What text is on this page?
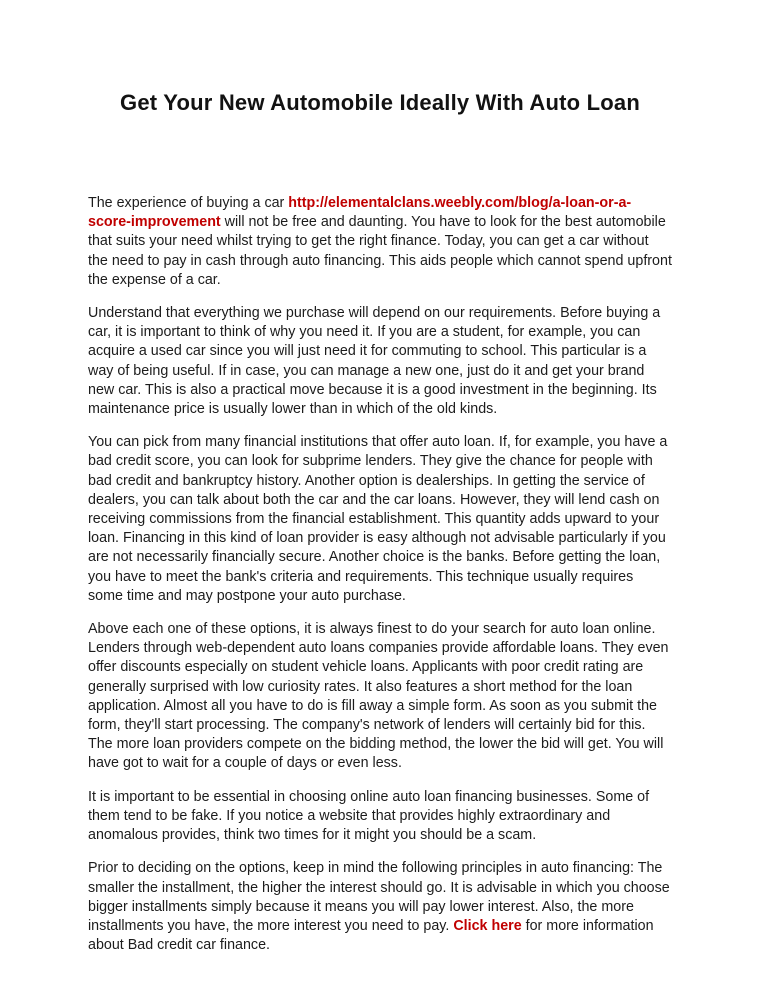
Get Your New Automobile Ideally With Auto Loan

The experience of buying a car http://elementalclans.weebly.com/blog/a-loan-or-a-score-improvement will not be free and daunting. You have to look for the best automobile that suits your need whilst trying to get the right finance. Today, you can get a car without the need to pay in cash through auto financing. This aids people which cannot spend upfront the expense of a car.

Understand that everything we purchase will depend on our requirements. Before buying a car, it is important to think of why you need it. If you are a student, for example, you can acquire a used car since you will just need it for commuting to school. This particular is a way of being useful. If in case, you can manage a new one, just do it and get your brand new car. This is also a practical move because it is a good investment in the beginning. Its maintenance price is usually lower than in which of the old kinds.

You can pick from many financial institutions that offer auto loan. If, for example, you have a bad credit score, you can look for subprime lenders. They give the chance for people with bad credit and bankruptcy history. Another option is dealerships. In getting the service of dealers, you can talk about both the car and the car loans. However, they will lend cash on receiving commissions from the financial establishment. This quantity adds upward to your loan. Financing in this kind of loan provider is easy although not advisable particularly if you are not necessarily financially secure. Another choice is the banks. Before getting the loan, you have to meet the bank's criteria and requirements. This technique usually requires some time and may postpone your auto purchase.

Above each one of these options, it is always finest to do your search for auto loan online. Lenders through web-dependent auto loans companies provide affordable loans. They even offer discounts especially on student vehicle loans. Applicants with poor credit rating are generally surprised with low curiosity rates. It also features a short method for the loan application. Almost all you have to do is fill away a simple form. As soon as you submit the form, they'll start processing. The company's network of lenders will certainly bid for this. The more loan providers compete on the bidding method, the lower the bid will get. You will have got to wait for a couple of days or even less.

It is important to be essential in choosing online auto loan financing businesses. Some of them tend to be fake. If you notice a website that provides highly extraordinary and anomalous provides, think two times for it might you should be a scam.

Prior to deciding on the options, keep in mind the following principles in auto financing: The smaller the installment, the higher the interest should go. It is advisable in which you choose bigger installments simply because it means you will pay lower interest. Also, the more installments you have, the more interest you need to pay. Click here for more information about Bad credit car finance.
